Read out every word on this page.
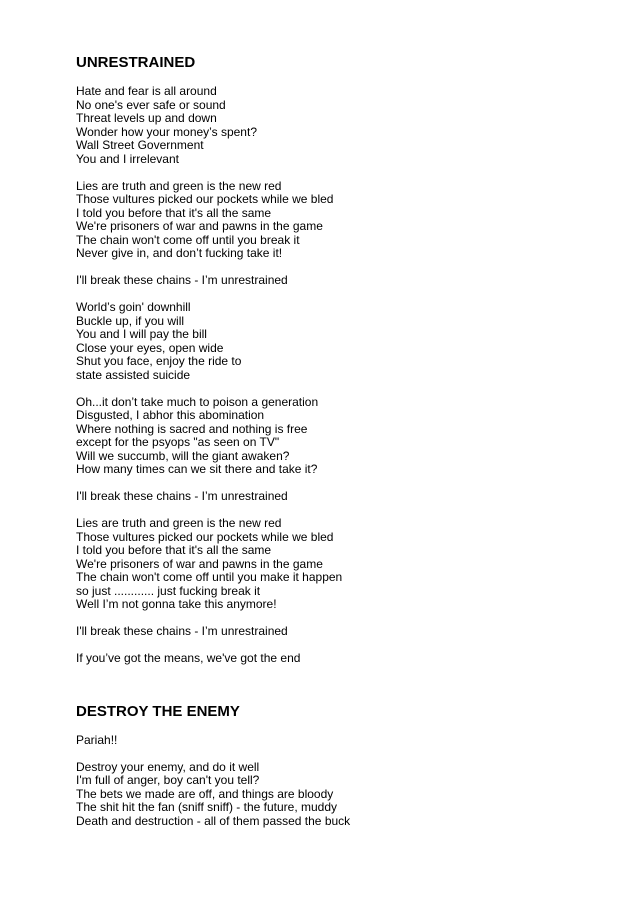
UNRESTRAINED
Hate and fear is all around
No one's ever safe or sound
Threat levels up and down
Wonder how your money’s spent?
Wall Street Government
You and I irrelevant
Lies are truth and green is the new red
Those vultures picked our pockets while we bled
I told you before that it's all the same
We're prisoners of war and pawns in the game
The chain won't come off until you break it
Never give in, and don’t fucking take it!
I'll break these chains - I’m unrestrained
World’s goin' downhill
Buckle up, if you will
You and I will pay the bill
Close your eyes, open wide
Shut you face, enjoy the ride to
state assisted suicide
Oh...it don’t take much to poison a generation
Disgusted, I abhor this abomination
Where nothing is sacred and nothing is free
except for the psyops "as seen on TV"
Will we succumb, will the giant awaken?
How many times can we sit there and take it?
I'll break these chains - I’m unrestrained
Lies are truth and green is the new red
Those vultures picked our pockets while we bled
I told you before that it's all the same
We're prisoners of war and pawns in the game
The chain won't come off until you make it happen
so just ............ just fucking break it
Well I’m not gonna take this anymore!
I'll break these chains - I’m unrestrained
If you’ve got the means, we've got the end
DESTROY THE ENEMY
Pariah!!
Destroy your enemy, and do it well
I'm full of anger, boy can't you tell?
The bets we made are off, and things are bloody
The shit hit the fan (sniff sniff) - the future, muddy
Death and destruction - all of them passed the buck
